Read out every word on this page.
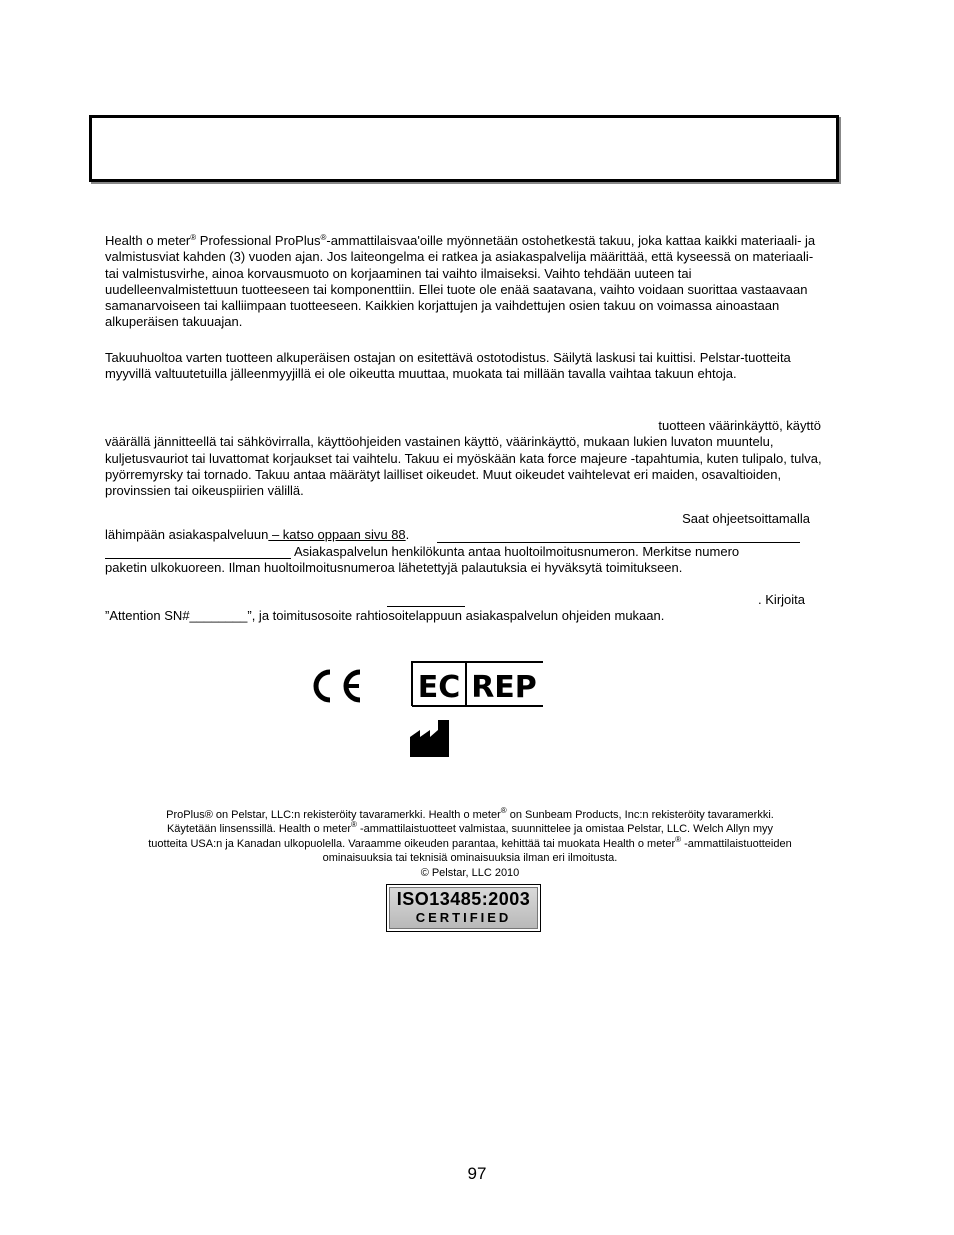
Health o meter® Professional ProPlus®-ammattilaisvaa'oille myönnetään ostohetkestä takuu, joka kattaa kaikki materiaali- ja valmistusviat kahden (3) vuoden ajan. Jos laiteongelma ei ratkea ja asiakaspalvelija määrittää, että kyseessä on materiaali- tai valmistusvirhe, ainoa korvausmuoto on korjaaminen tai vaihto ilmaiseksi. Vaihto tehdään uuteen tai uudelleenvalmistettuun tuotteeseen tai komponenttiin. Ellei tuote ole enää saatavana, vaihto voidaan suorittaa vastaavaan samanarvoiseen tai kalliimpaan tuotteeseen. Kaikkien korjattujen ja vaihdettujen osien takuu on voimassa ainoastaan alkuperäisen takuuajan.

Takuuhuoltoa varten tuotteen alkuperäisen ostajan on esitettävä ostotodistus. Säilytä laskusi tai kuittisi. Pelstar-tuotteita myyvillä valtuutetuilla jälleenmyyjillä ei ole oikeutta muuttaa, muokata tai millään tavalla vaihtaa takuun ehtoja.

tuotteen väärinkäyttö, käyttö

väärällä jännitteellä tai sähkövirralla, käyttöohjeiden vastainen käyttö, väärinkäyttö, mukaan lukien luvaton muuntelu, kuljetusvauriot tai luvattomat korjaukset tai vaihtelu. Takuu ei myöskään kata force majeure -tapahtumia, kuten tulipalo, tulva, pyörremyrsky tai tornado. Takuu antaa määrätyt lailliset oikeudet. Muut oikeudet vaihtelevat eri maiden, osavaltioiden, provinssien tai oikeuspiirien välillä.

Saat ohjeetsoittamalla

lähimpään asiakaspalveluun – katso oppaan sivu 88.

Asiakaspalvelun henkilökunta antaa huoltoilmoitusnumeron. Merkitse numero

paketin ulkokuoreen. Ilman huoltoilmoitusnumeroa lähetettyjä palautuksia ei hyväksytä toimitukseen.

. Kirjoita

”Attention SN#________”, ja toimitusosoite rahtiosoitelappuun asiakaspalvelun ohjeiden mukaan.

EC REP

ProPlus® on Pelstar, LLC:n rekisteröity tavaramerkki. Health o meter® on Sunbeam Products, Inc:n rekisteröity tavaramerkki.

Käytetään linsenssillä. Health o meter® -ammattilaistuotteet valmistaa, suunnittelee ja omistaa Pelstar, LLC. Welch Allyn myy

tuotteita USA:n ja Kanadan ulkopuolella. Varaamme oikeuden parantaa, kehittää tai muokata Health o meter® -ammattilaistuotteiden

ominaisuuksia tai teknisiä ominaisuuksia ilman eri ilmoitusta.

© Pelstar, LLC 2010

ISO13485:2003
CERTIFIED
97
